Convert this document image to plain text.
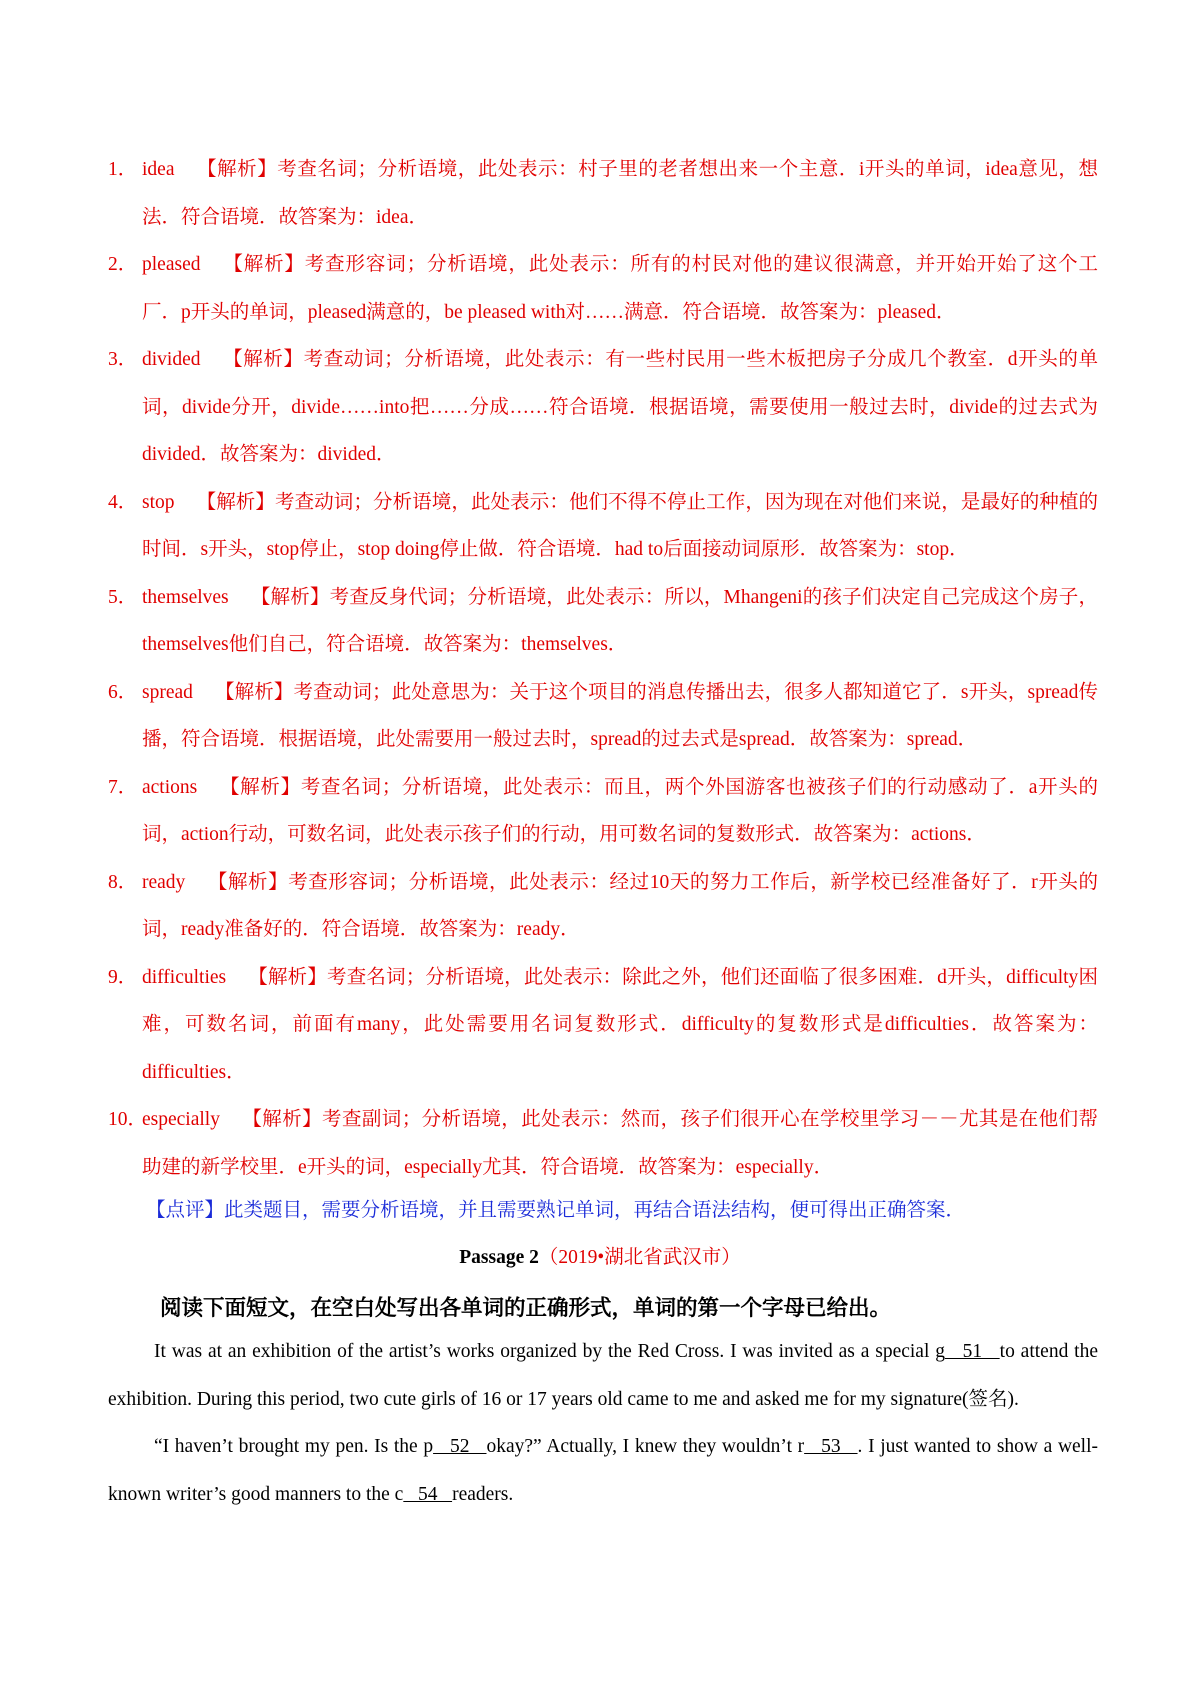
1． idea 【解析】考查名词；分析语境，此处表示：村子里的老者想出来一个主意．i开头的单词，idea意见，想法．符合语境．故答案为：idea．
2． pleased 【解析】考查形容词；分析语境，此处表示：所有的村民对他的建议很满意，并开始开始了这个工厂．p开头的单词，pleased满意的，be pleased with对……满意．符合语境．故答案为：pleased．
3． divided 【解析】考查动词；分析语境，此处表示：有一些村民用一些木板把房子分成几个教室．d开头的单词，divide分开，divide……into把……分成……符合语境．根据语境，需要使用一般过去时，divide的过去式为divided．故答案为：divided．
4． stop 【解析】考查动词；分析语境，此处表示：他们不得不停止工作，因为现在对他们来说，是最好的种植的时间．s开头，stop停止，stop doing停止做．符合语境．had to后面接动词原形．故答案为：stop．
5． themselves 【解析】考查反身代词；分析语境，此处表示：所以，Mhangeni的孩子们决定自己完成这个房子，themselves他们自己，符合语境．故答案为：themselves．
6． spread 【解析】考查动词；此处意思为：关于这个项目的消息传播出去，很多人都知道它了．s开头，spread传播，符合语境．根据语境，此处需要用一般过去时，spread的过去式是spread．故答案为：spread．
7． actions 【解析】考查名词；分析语境，此处表示：而且，两个外国游客也被孩子们的行动感动了．a开头的词，action行动，可数名词，此处表示孩子们的行动，用可数名词的复数形式．故答案为：actions．
8． ready 【解析】考查形容词；分析语境，此处表示：经过10天的努力工作后，新学校已经准备好了．r开头的词，ready准备好的．符合语境．故答案为：ready．
9． difficulties 【解析】考查名词；分析语境，此处表示：除此之外，他们还面临了很多困难．d开头，difficulty困难，可数名词，前面有many，此处需要用名词复数形式．difficulty的复数形式是difficulties．故答案为：difficulties．
10．
especially 【解析】考查副词；分析语境，此处表示：然而，孩子们很开心在学校里学习－－尤其是在他们帮助建的新学校里．e开头的词，especially尤其．符合语境．故答案为：especially．
【点评】此类题目，需要分析语境，并且需要熟记单词，再结合语法结构，便可得出正确答案．
Passage 2（2019•湖北省武汉市）
阅读下面短文，在空白处写出各单词的正确形式，单词的第一个字母已给出。

It was at an exhibition of the artist’s works organized by the Red Cross. I was invited as a special g   51   to attend the exhibition. During this period, two cute girls of 16 or 17 years old came to me and asked me for my signature(签名).

“I haven’t brought my pen. Is the p   52   okay?” Actually, I knew they wouldn’t r   53   . I just wanted to show a well-known writer’s good manners to the c   54   readers.
